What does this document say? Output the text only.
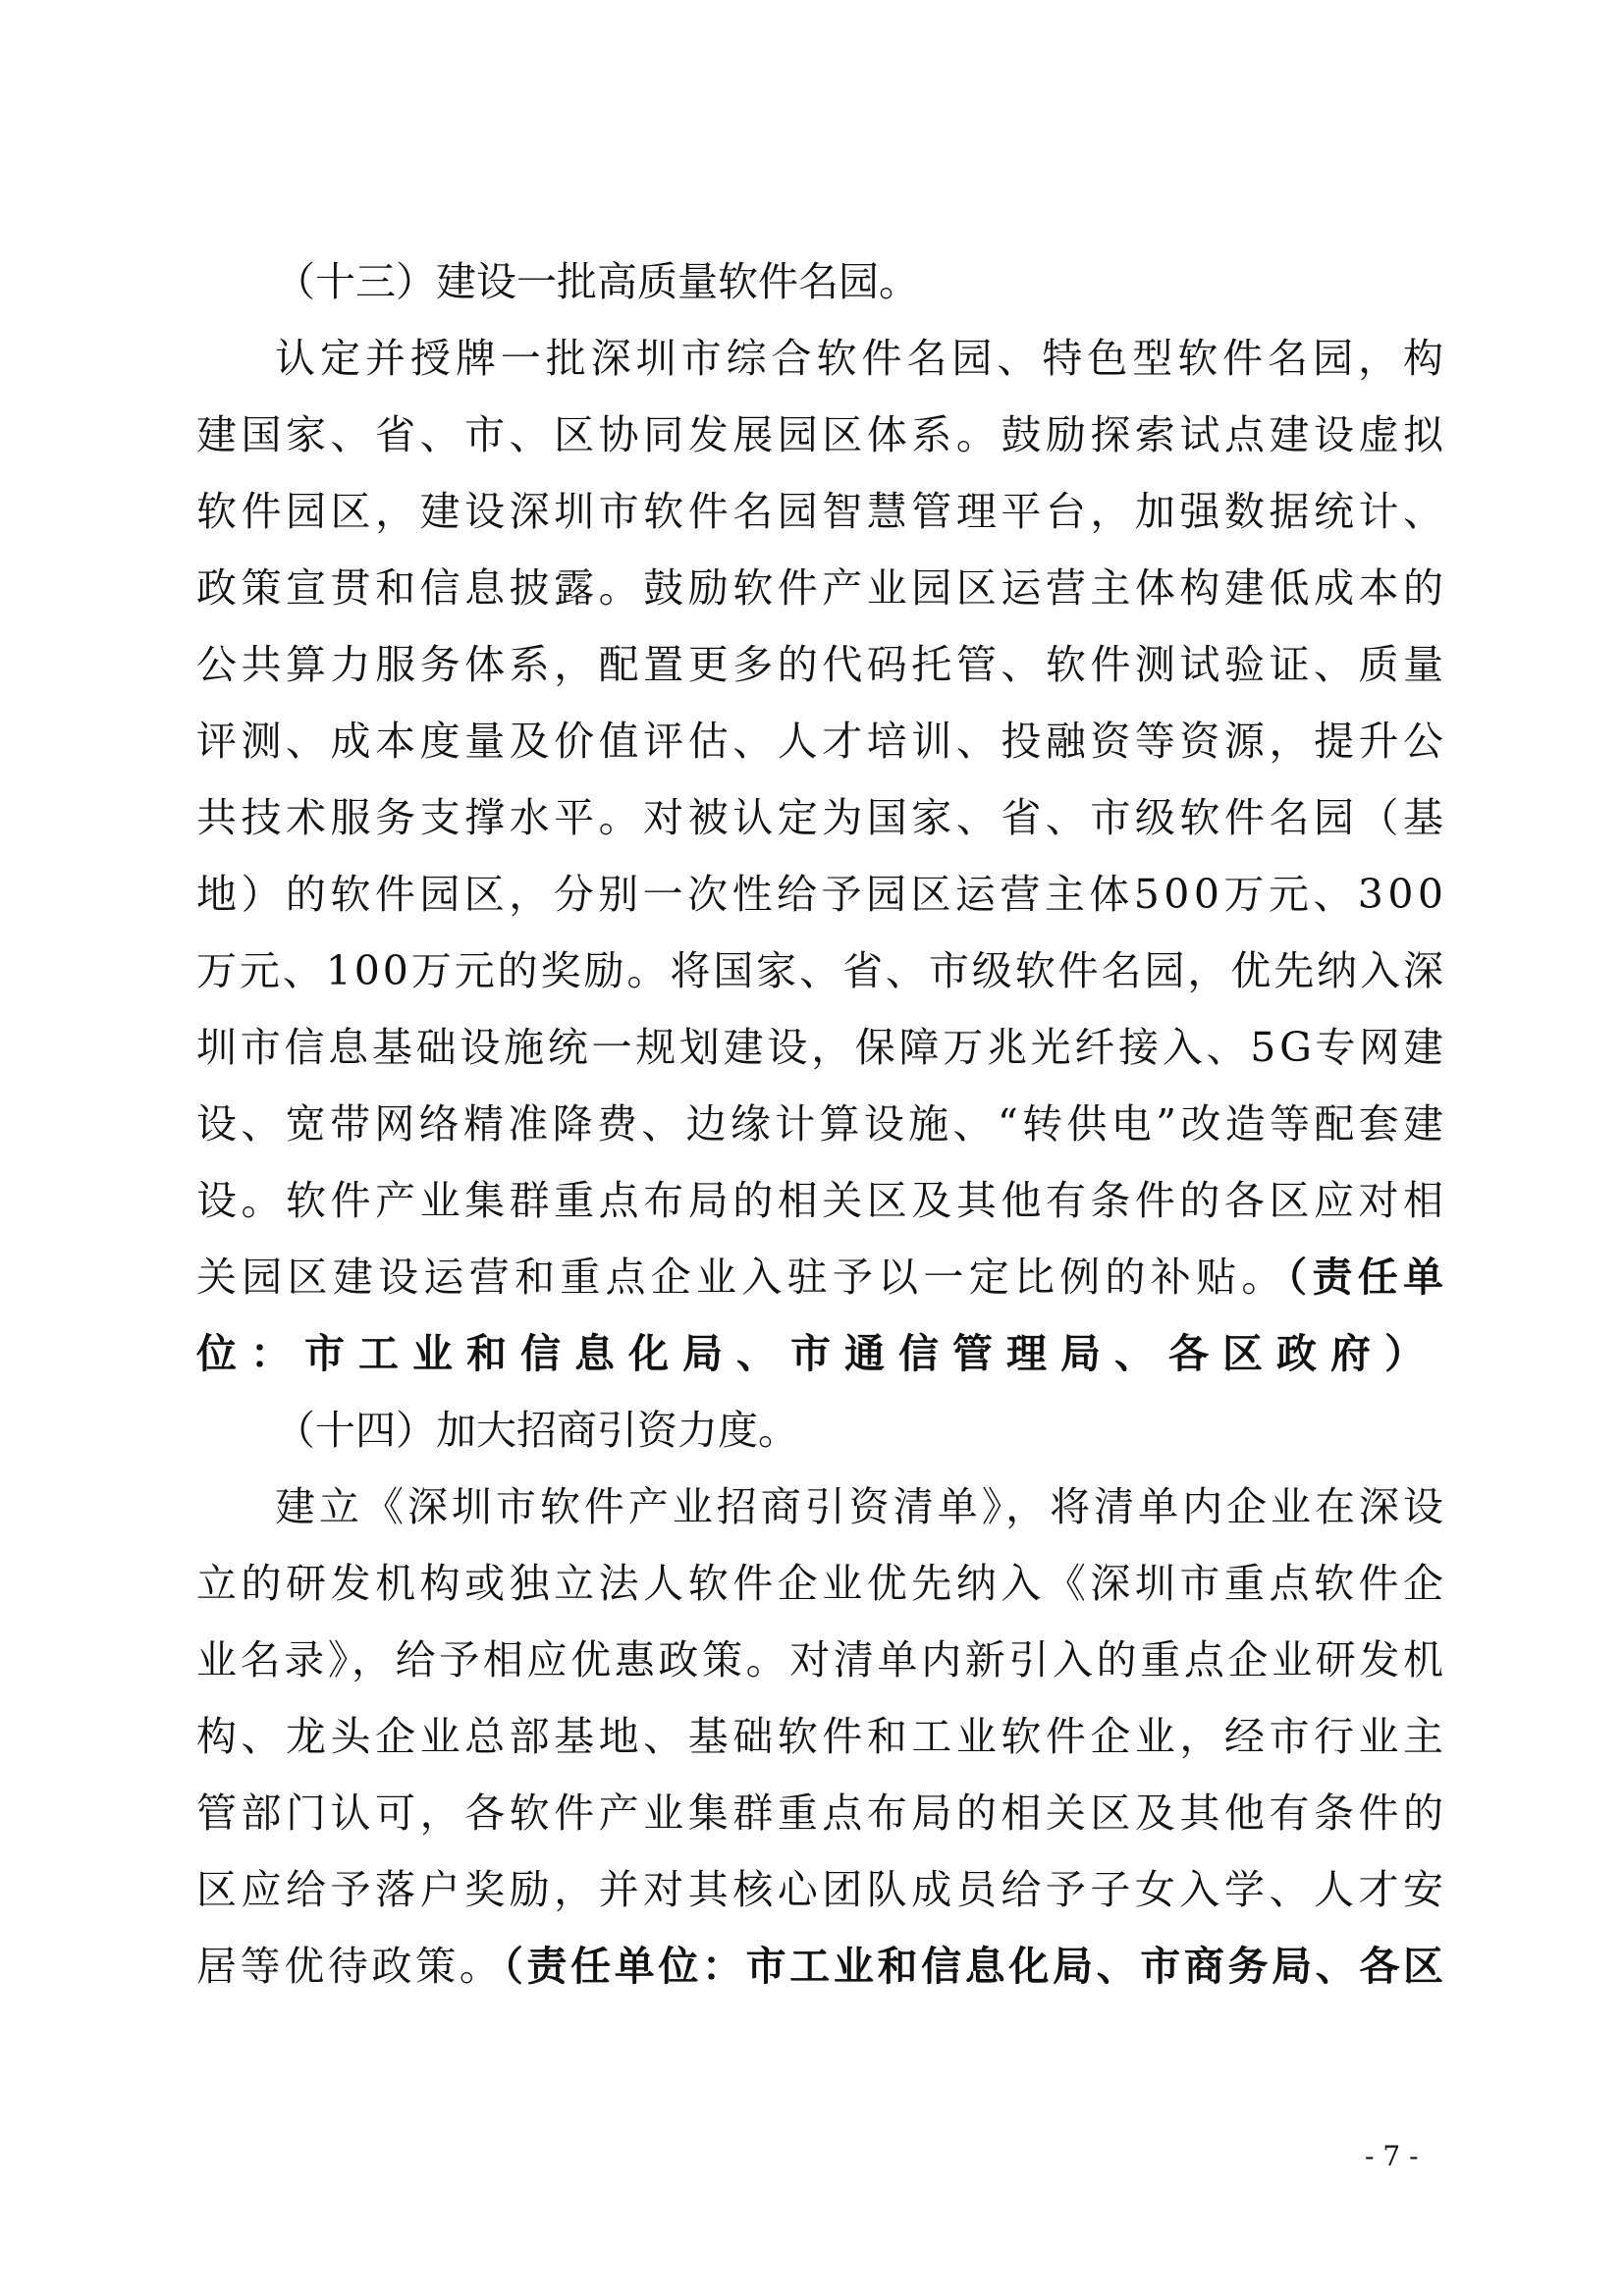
（十三）建设一批高质量软件名园。
认定并授牌一批深圳市综合软件名园、特色型软件名园，构
建国家、省、市、区协同发展园区体系。鼓励探索试点建设虚拟
软件园区，建设深圳市软件名园智慧管理平台，加强数据统计、
政策宣贯和信息披露。鼓励软件产业园区运营主体构建低成本的
公共算力服务体系，配置更多的代码托管、软件测试验证、质量
评测、成本度量及价值评估、人才培训、投融资等资源，提升公
共技术服务支撑水平。对被认定为国家、省、市级软件名园（基
地）的软件园区，分别一次性给予园区运营主体500万元、300
万元、100万元的奖励。将国家、省、市级软件名园，优先纳入深
圳市信息基础设施统一规划建设，保障万兆光纤接入、5G专网建
设、宽带网络精准降费、边缘计算设施、“转供电”改造等配套建
设。软件产业集群重点布局的相关区及其他有条件的各区应对相
关园区建设运营和重点企业入驻予以一定比例的补贴。（责任单
位：市工业和信息化局、市通信管理局、各区政府）
（十四）加大招商引资力度。
建立《深圳市软件产业招商引资清单》，将清单内企业在深设
立的研发机构或独立法人软件企业优先纳入《深圳市重点软件企
业名录》，给予相应优惠政策。对清单内新引入的重点企业研发机
构、龙头企业总部基地、基础软件和工业软件企业，经市行业主
管部门认可，各软件产业集群重点布局的相关区及其他有条件的
区应给予落户奖励，并对其核心团队成员给予子女入学、人才安
居等优待政策。（责任单位：市工业和信息化局、市商务局、各区
- 7 -
